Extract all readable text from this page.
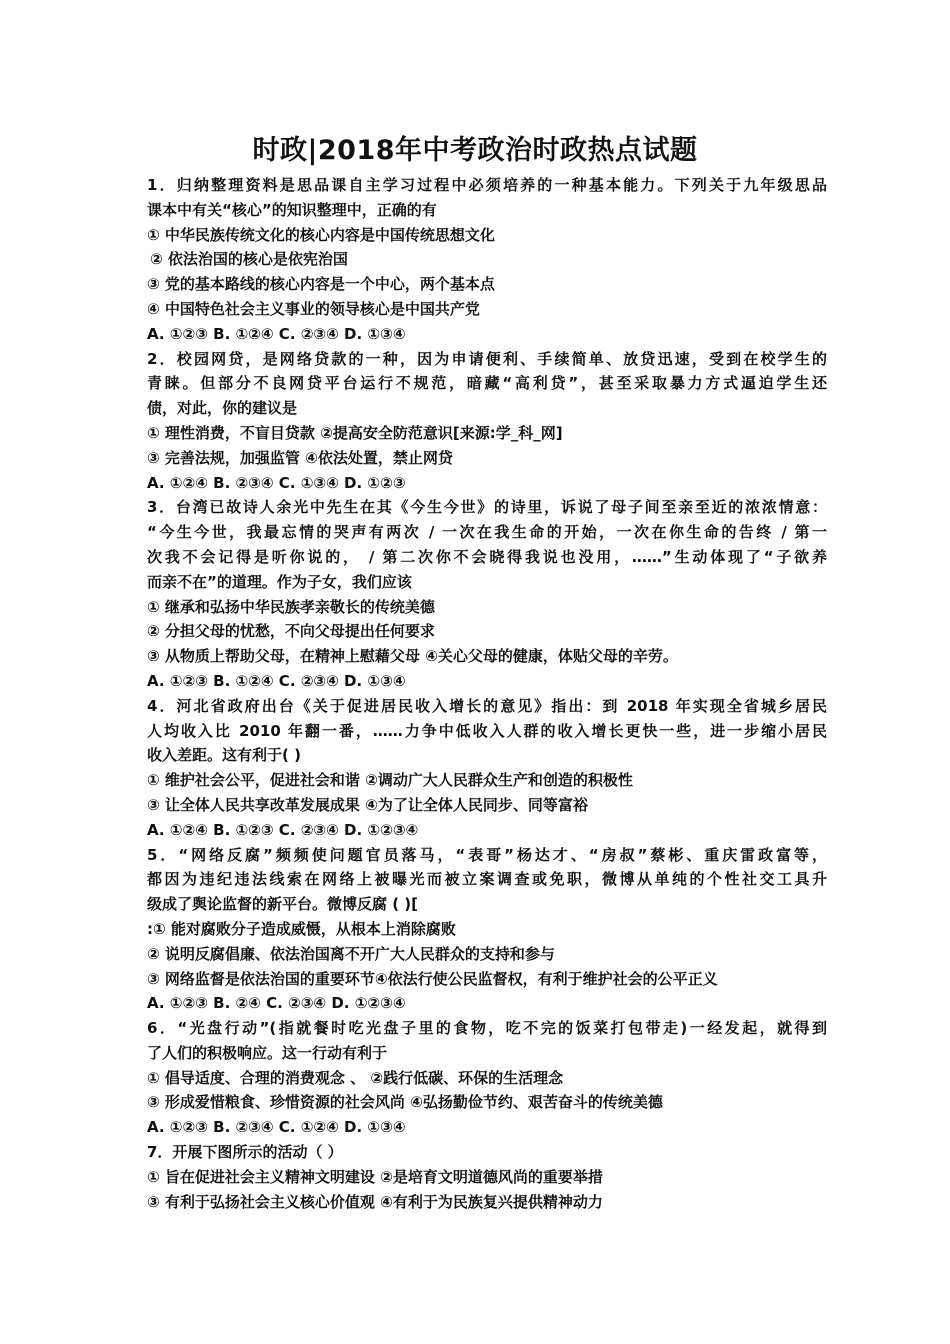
时政|2018年中考政治时政热点试题
1．归纳整理资料是思品课自主学习过程中必须培养的一种基本能力。下列关于九年级思品
课本中有关“核心”的知识整理中，正确的有
① 中华民族传统文化的核心内容是中国传统思想文化
② 依法治国的核心是依宪治国
③ 党的基本路线的核心内容是一个中心，两个基本点
④ 中国特色社会主义事业的领导核心是中国共产党
A. ①②③ B. ①②④ C. ②③④ D. ①③④
2．校园网贷，是网络贷款的一种，因为申请便利、手续简单、放贷迅速，受到在校学生的
青睐。但部分不良网贷平台运行不规范，暗藏“高利贷”，甚至采取暴力方式逼迫学生还
债，对此，你的建议是
① 理性消费，不盲目贷款 ②提高安全防范意识[来源:学_科_网]
③ 完善法规，加强监管 ④依法处置，禁止网贷
A. ①②④ B. ②③④ C. ①③④ D. ①②③
3．台湾已故诗人余光中先生在其《今生今世》的诗里，诉说了母子间至亲至近的浓浓情意：
“今生今世，我最忘情的哭声有两次 / 一次在我生命的开始，一次在你生命的告终 / 第一
次我不会记得是听你说的， / 第二次你不会晓得我说也没用，……”生动体现了“子欲养
而亲不在”的道理。作为子女，我们应该
① 继承和弘扬中华民族孝亲敬长的传统美德
② 分担父母的忧愁，不向父母提出任何要求
③ 从物质上帮助父母，在精神上慰藉父母 ④关心父母的健康，体贴父母的辛劳。
A. ①②③ B. ①②④ C. ②③④ D. ①③④
4．河北省政府出台《关于促进居民收入增长的意见》指出：到 2018 年实现全省城乡居民
人均收入比 2010 年翻一番，……力争中低收入人群的收入增长更快一些，进一步缩小居民
收入差距。这有利于( )
① 维护社会公平，促进社会和谐 ②调动广大人民群众生产和创造的积极性
③ 让全体人民共享改革发展成果 ④为了让全体人民同步、同等富裕
A. ①②④ B. ①②③ C. ②③④ D. ①②③④
5．“网络反腐”频频使问题官员落马，“表哥”杨达才、“房叔”蔡彬、重庆雷政富等，
都因为违纪违法线索在网络上被曝光而被立案调查或免职，微博从单纯的个性社交工具升
级成了舆论监督的新平台。微博反腐 ( )[
:① 能对腐败分子造成威慑，从根本上消除腐败
② 说明反腐倡廉、依法治国离不开广大人民群众的支持和参与
③ 网络监督是依法治国的重要环节④依法行使公民监督权，有利于维护社会的公平正义
A. ①②③ B. ②④ C. ②③④ D. ①②③④
6．“光盘行动”(指就餐时吃光盘子里的食物，吃不完的饭菜打包带走)一经发起，就得到
了人们的积极响应。这一行动有利于
① 倡导适度、合理的消费观念 、 ②践行低碳、环保的生活理念
③ 形成爱惜粮食、珍惜资源的社会风尚 ④弘扬勤俭节约、艰苦奋斗的传统美德
A. ①②③ B. ②③④ C. ①②④ D. ①③④
7．开展下图所示的活动（ ）
① 旨在促进社会主义精神文明建设 ②是培育文明道德风尚的重要举措
③ 有利于弘扬社会主义核心价值观 ④有利于为民族复兴提供精神动力
